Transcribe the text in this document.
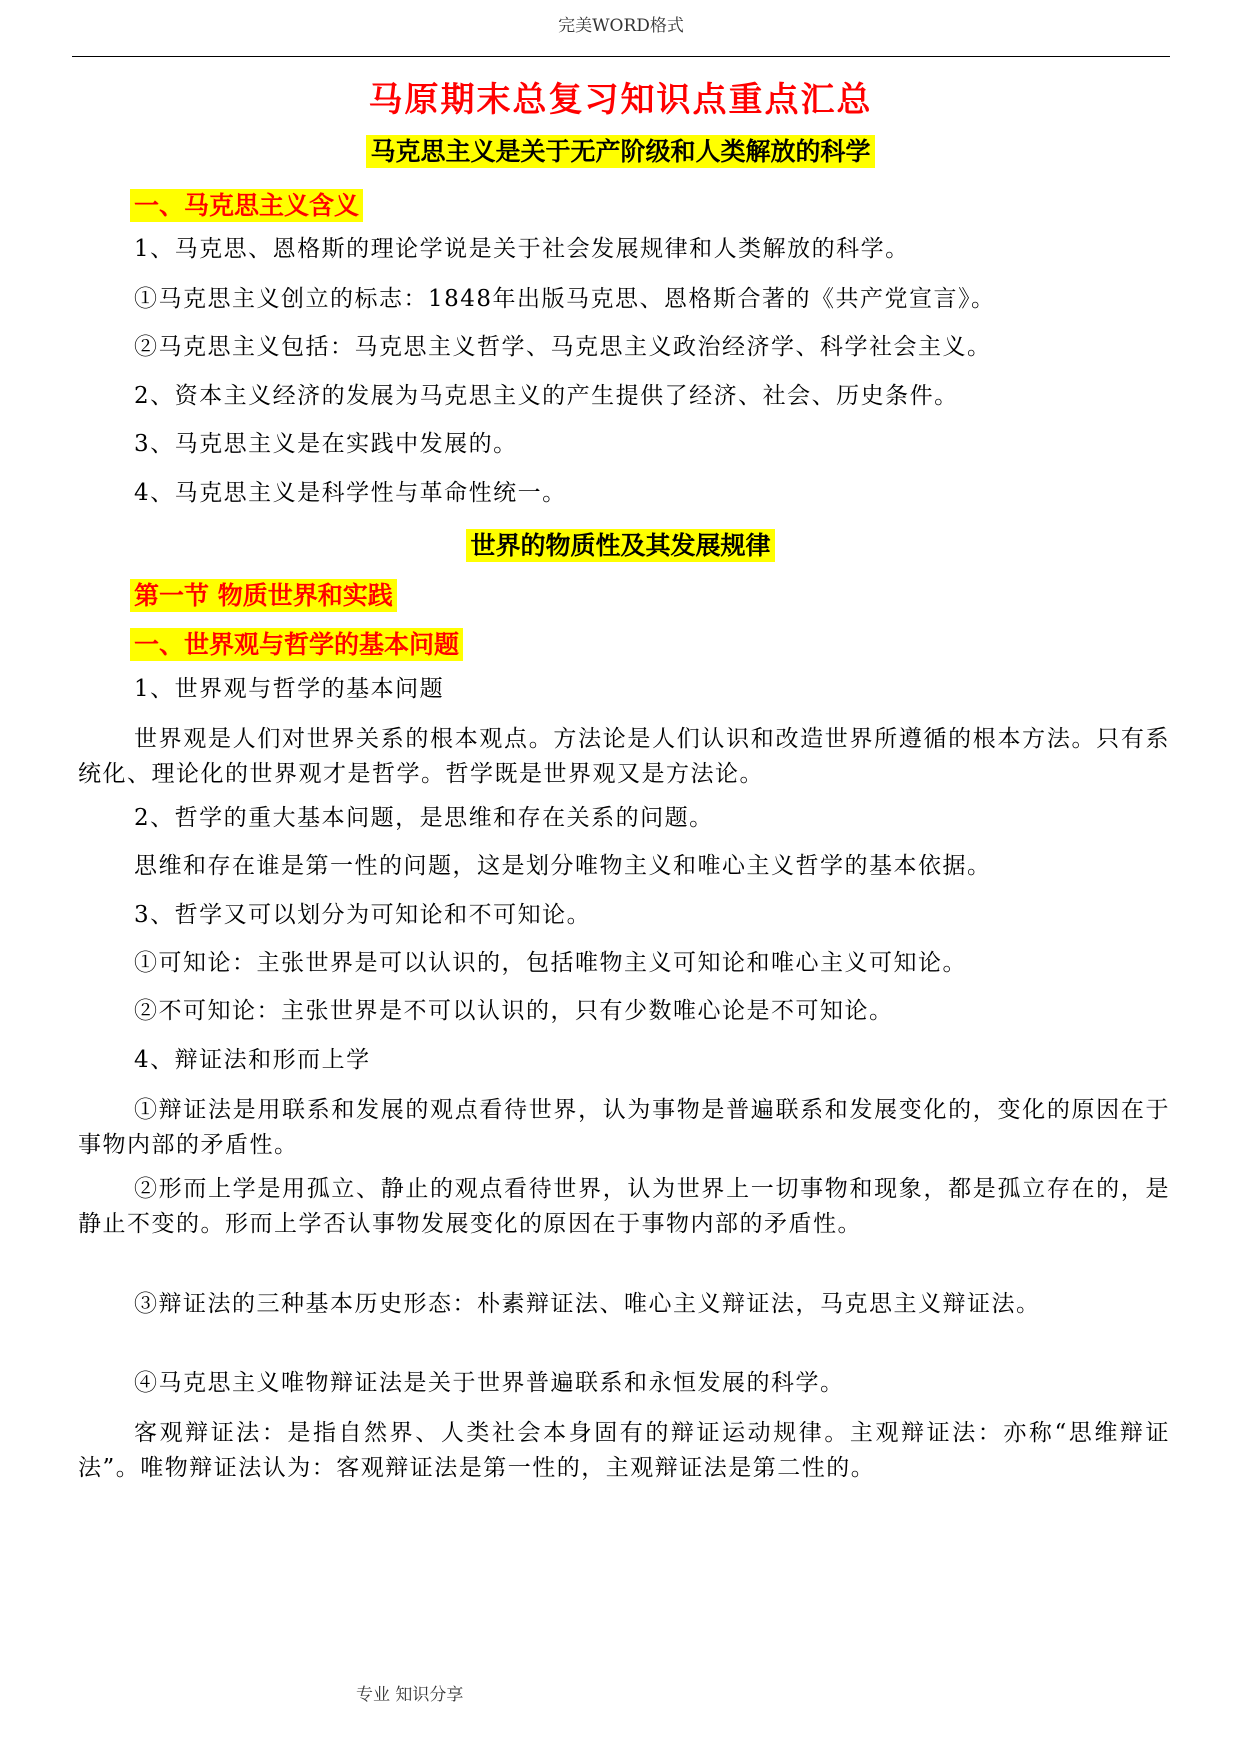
完美WORD格式
马原期末总复习知识点重点汇总
马克思主义是关于无产阶级和人类解放的科学
一、马克思主义含义
1、马克思、恩格斯的理论学说是关于社会发展规律和人类解放的科学。
①马克思主义创立的标志：1848年出版马克思、恩格斯合著的《共产党宣言》。
②马克思主义包括：马克思主义哲学、马克思主义政治经济学、科学社会主义。
2、资本主义经济的发展为马克思主义的产生提供了经济、社会、历史条件。
3、马克思主义是在实践中发展的。
4、马克思主义是科学性与革命性统一。
世界的物质性及其发展规律
第一节 物质世界和实践
一、世界观与哲学的基本问题
1、世界观与哲学的基本问题
世界观是人们对世界关系的根本观点。方法论是人们认识和改造世界所遵循的根本方法。只有系统化、理论化的世界观才是哲学。哲学既是世界观又是方法论。
2、哲学的重大基本问题，是思维和存在关系的问题。
思维和存在谁是第一性的问题，这是划分唯物主义和唯心主义哲学的基本依据。
3、哲学又可以划分为可知论和不可知论。
①可知论：主张世界是可以认识的，包括唯物主义可知论和唯心主义可知论。
②不可知论：主张世界是不可以认识的，只有少数唯心论是不可知论。
4、辩证法和形而上学
①辩证法是用联系和发展的观点看待世界，认为事物是普遍联系和发展变化的，变化的原因在于事物内部的矛盾性。
②形而上学是用孤立、静止的观点看待世界，认为世界上一切事物和现象，都是孤立存在的，是静止不变的。形而上学否认事物发展变化的原因在于事物内部的矛盾性。
③辩证法的三种基本历史形态：朴素辩证法、唯心主义辩证法，马克思主义辩证法。
④马克思主义唯物辩证法是关于世界普遍联系和永恒发展的科学。
客观辩证法：是指自然界、人类社会本身固有的辩证运动规律。主观辩证法：亦称“思维辩证法”。唯物辩证法认为：客观辩证法是第一性的，主观辩证法是第二性的。
专业 知识分享
